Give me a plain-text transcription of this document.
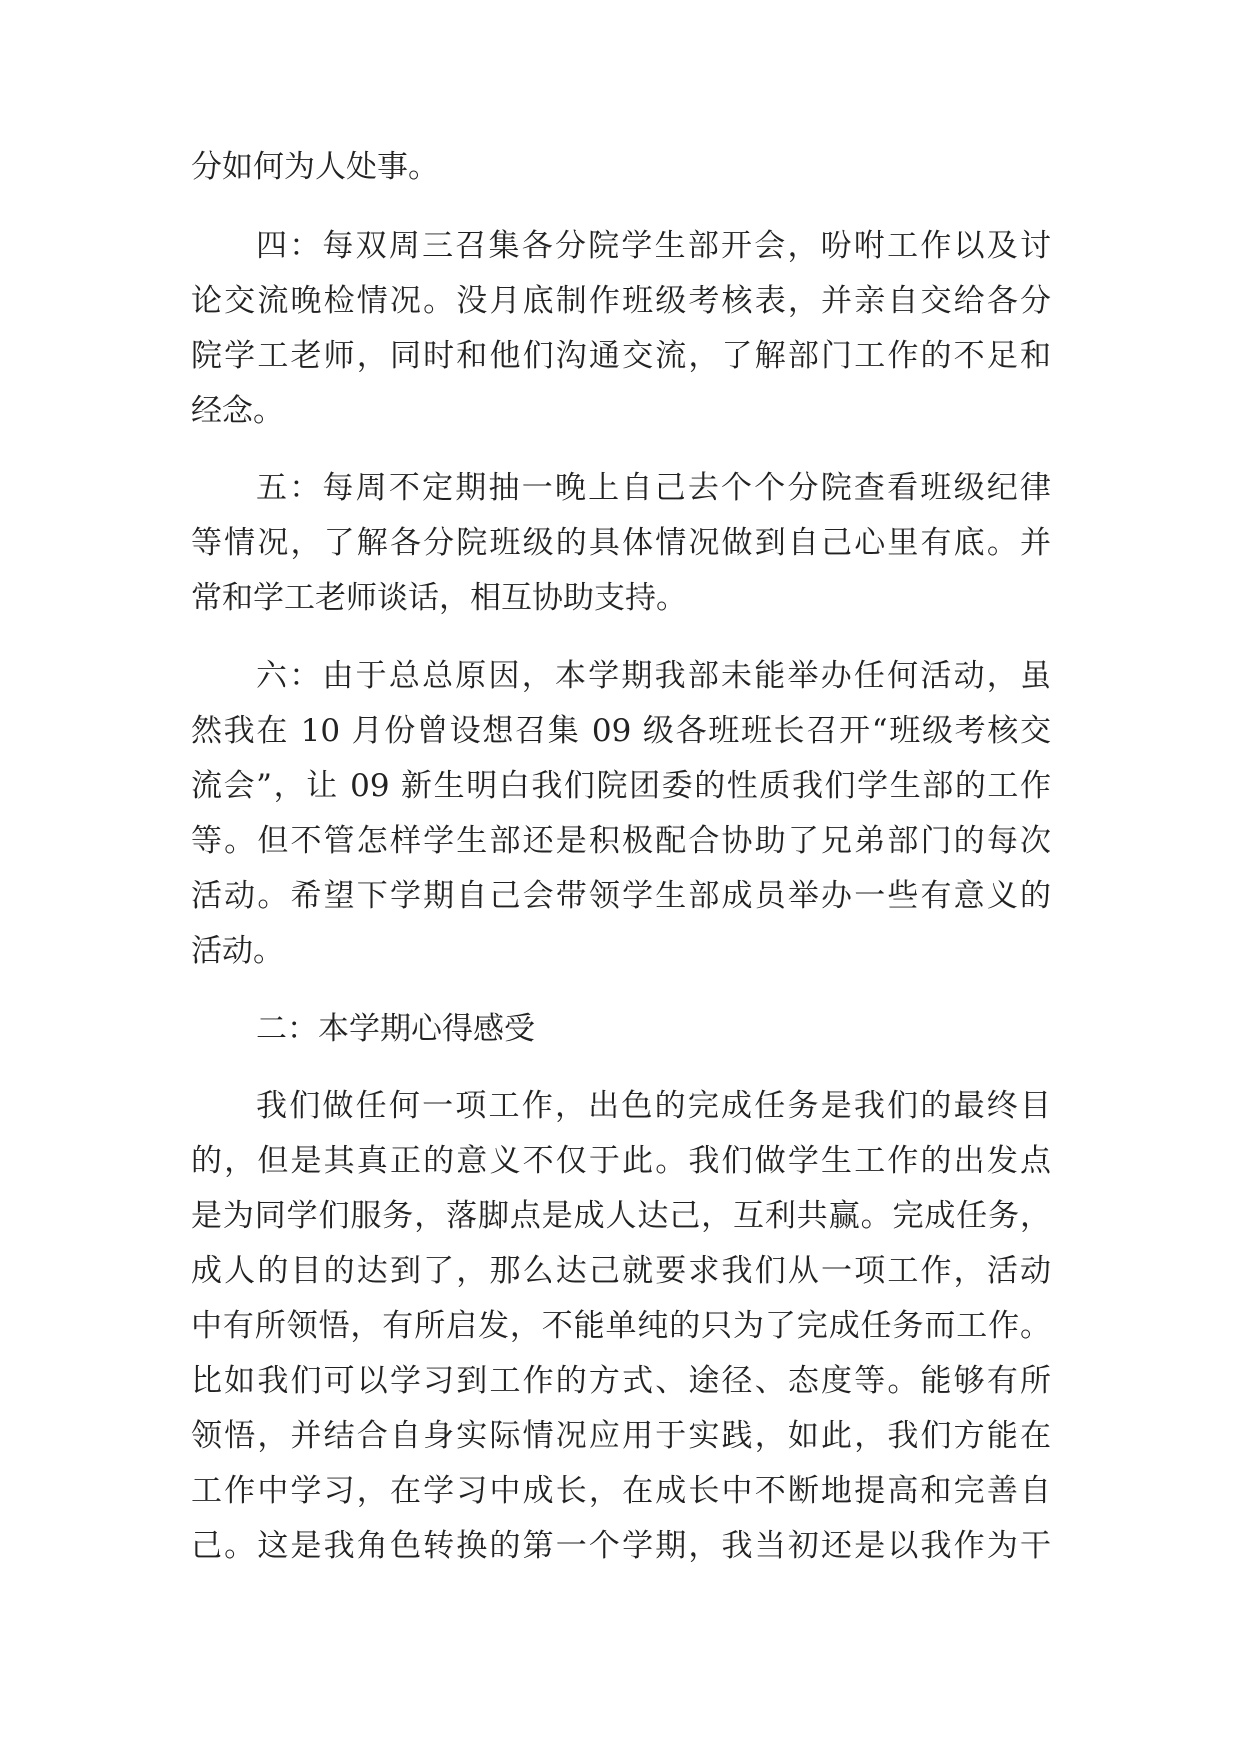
分如何为人处事。
四：每双周三召集各分院学生部开会，吩咐工作以及讨
论交流晚检情况。没月底制作班级考核表，并亲自交给各分
院学工老师，同时和他们沟通交流，了解部门工作的不足和
经念。
五：每周不定期抽一晚上自己去个个分院查看班级纪律
等情况，了解各分院班级的具体情况做到自己心里有底。并
常和学工老师谈话，相互协助支持。
六：由于总总原因，本学期我部未能举办任何活动，虽
然我在 10 月份曾设想召集 09 级各班班长召开“班级考核交
流会”，让 09 新生明白我们院团委的性质我们学生部的工作
等。但不管怎样学生部还是积极配合协助了兄弟部门的每次
活动。希望下学期自己会带领学生部成员举办一些有意义的
活动。
二：本学期心得感受
我们做任何一项工作，出色的完成任务是我们的最终目
的，但是其真正的意义不仅于此。我们做学生工作的出发点
是为同学们服务，落脚点是成人达己，互利共赢。完成任务，
成人的目的达到了，那么达己就要求我们从一项工作，活动
中有所领悟，有所启发，不能单纯的只为了完成任务而工作。
比如我们可以学习到工作的方式、途径、态度等。能够有所
领悟，并结合自身实际情况应用于实践，如此，我们方能在
工作中学习，在学习中成长，在成长中不断地提高和完善自
己。这是我角色转换的第一个学期，我当初还是以我作为干
